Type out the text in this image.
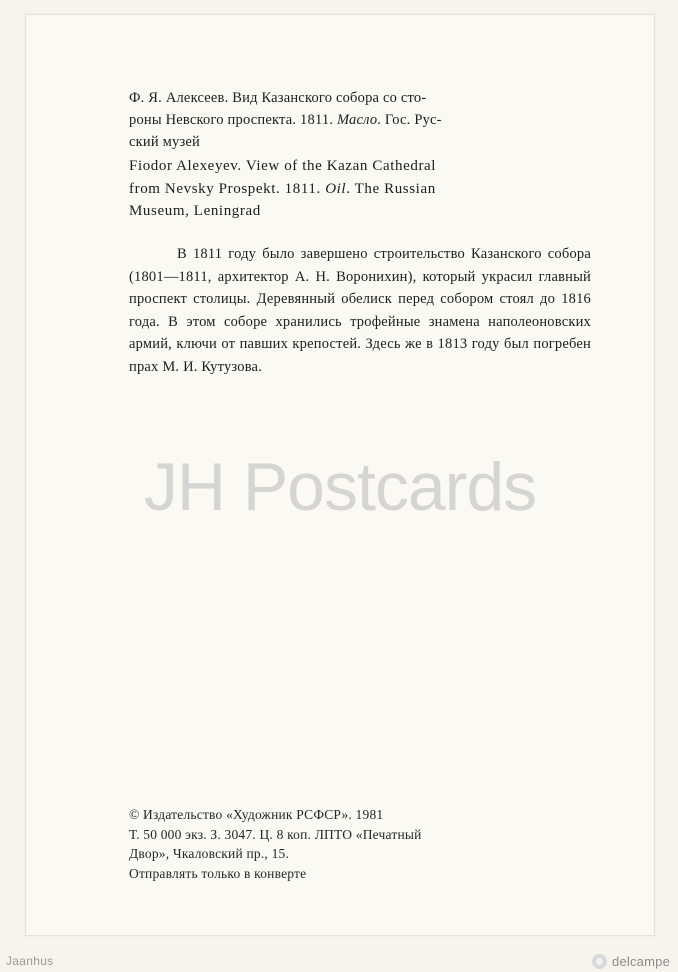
Ф. Я. Алексеев. Вид Казанского собора со сто-
роны Невского проспекта. 1811. Масло. Гос. Рус-
ский музей
Fiodor Alexeyev. View of the Kazan Cathedral
from Nevsky Prospekt. 1811. Oil. The Russian
Museum, Leningrad
В 1811 году было завершено строительство Казанского собора (1801—1811, архитектор А. Н. Воронихин), который украсил главный проспект столицы. Деревянный обелиск перед собором стоял до 1816 года. В этом соборе хранились трофейные знамена наполеоновских армий, ключи от павших крепостей. Здесь же в 1813 году был погребен прах М. И. Кутузова.
JH Postcards
© Издательство «Художник РСФСР». 1981
Т. 50 000 экз. З. 3047. Ц. 8 коп. ЛПТО «Печатный
Двор», Чкаловский пр., 15.
Отправлять только в конверте
Jaanhus	delcampe
